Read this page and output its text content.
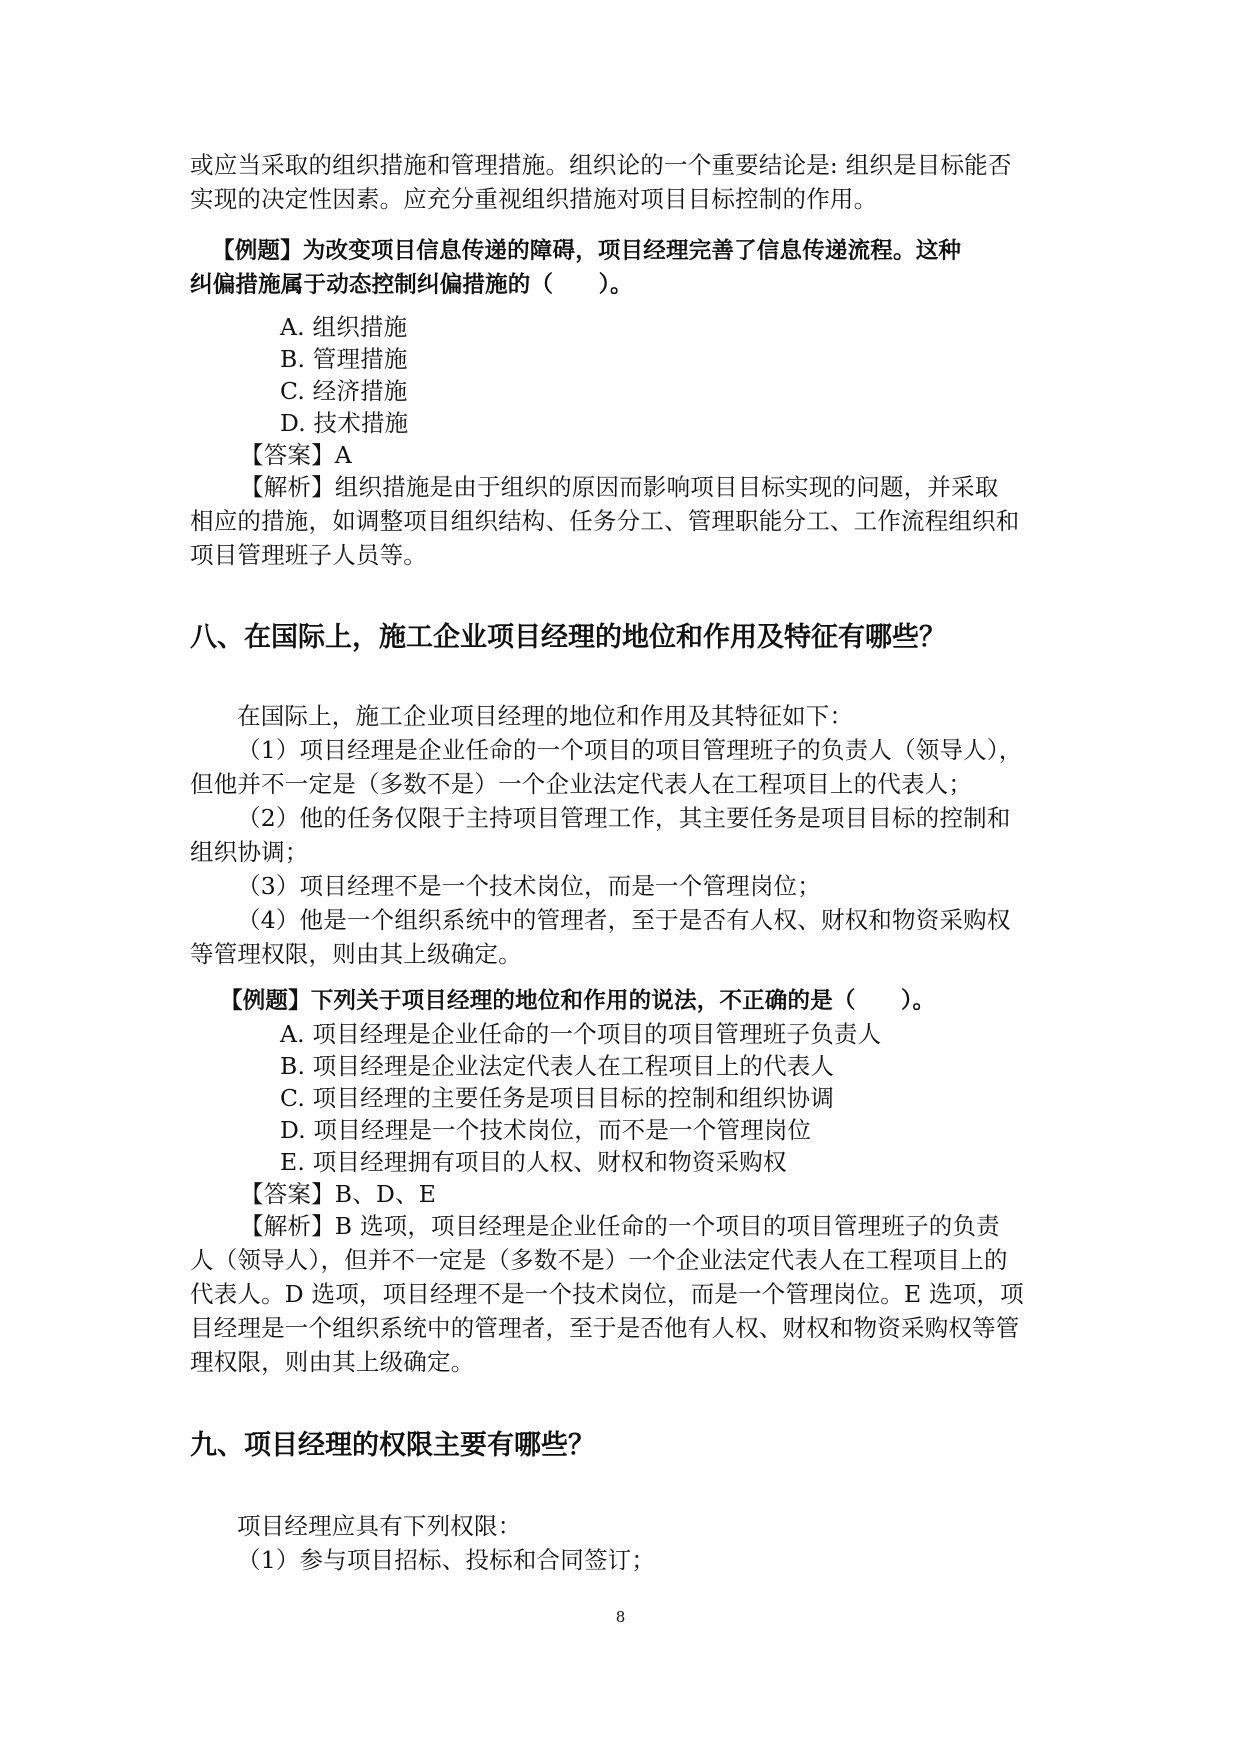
或应当采取的组织措施和管理措施。组织论的一个重要结论是: 组织是目标能否
实现的决定性因素。应充分重视组织措施对项目目标控制的作用。
【例题】为改变项目信息传递的障碍，项目经理完善了信息传递流程。这种
纠偏措施属于动态控制纠偏措施的（　　）。
A. 组织措施
B. 管理措施
C. 经济措施
D. 技术措施
【答案】A
【解析】组织措施是由于组织的原因而影响项目目标实现的问题，并采取
相应的措施，如调整项目组织结构、任务分工、管理职能分工、工作流程组织和
项目管理班子人员等。
八、在国际上，施工企业项目经理的地位和作用及特征有哪些？
在国际上，施工企业项目经理的地位和作用及其特征如下：
（1）项目经理是企业任命的一个项目的项目管理班子的负责人（领导人），
但他并不一定是（多数不是）一个企业法定代表人在工程项目上的代表人；
（2）他的任务仅限于主持项目管理工作，其主要任务是项目目标的控制和
组织协调；
（3）项目经理不是一个技术岗位，而是一个管理岗位；
（4）他是一个组织系统中的管理者，至于是否有人权、财权和物资采购权
等管理权限，则由其上级确定。
【例题】下列关于项目经理的地位和作用的说法，不正确的是（　　）。
A. 项目经理是企业任命的一个项目的项目管理班子负责人
B. 项目经理是企业法定代表人在工程项目上的代表人
C. 项目经理的主要任务是项目目标的控制和组织协调
D. 项目经理是一个技术岗位，而不是一个管理岗位
E. 项目经理拥有项目的人权、财权和物资采购权
【答案】B、D、E
【解析】B 选项，项目经理是企业任命的一个项目的项目管理班子的负责
人（领导人），但并不一定是（多数不是）一个企业法定代表人在工程项目上的
代表人。D 选项，项目经理不是一个技术岗位，而是一个管理岗位。E 选项，项
目经理是一个组织系统中的管理者，至于是否他有人权、财权和物资采购权等管
理权限，则由其上级确定。
九、项目经理的权限主要有哪些？
项目经理应具有下列权限：
（1）参与项目招标、投标和合同签订；
8
